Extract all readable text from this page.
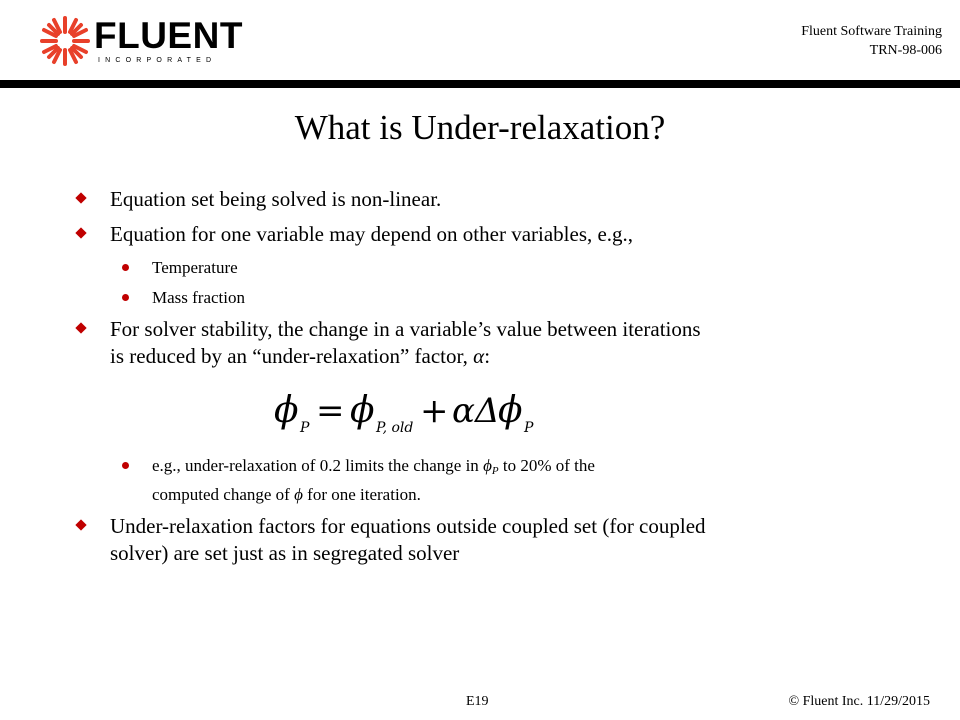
FLUENT
INCORPORATED
Fluent Software Training
TRN-98-006
What is Under-relaxation?
Equation set being solved is non-linear.
Equation for one variable may depend on other variables, e.g.,
Temperature
Mass fraction
For solver stability, the change in a variable’s value between iterations
is reduced by an “under-relaxation” factor, α:
ϕ P = ϕ P, old + αΔ
ϕ P
e.g., under-relaxation of 0.2 limits the change in $\phi_P$ to 20% of the
computed change of ϕ for one iteration.
Under-relaxation factors for equations outside coupled set (for coupled
solver) are set just as in segregated solver
E19	© Fluent Inc. 11/29/2015
